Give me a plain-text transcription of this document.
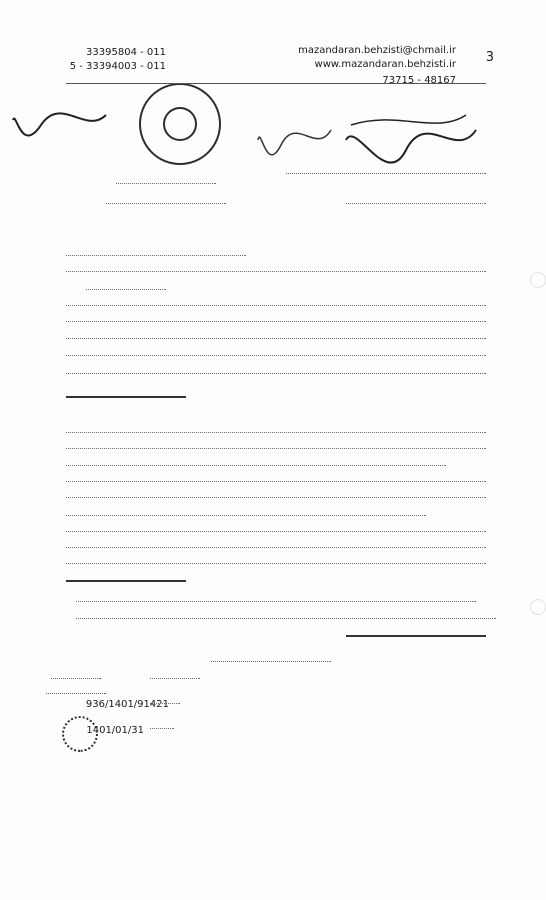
936/1401/91421
1401/01/31
48167 - 73715
011 - 33394003 - 5
011 - 33395804
www.mazandaran.behzisti.ir
mazandaran.behzisti@chmail.ir 3
